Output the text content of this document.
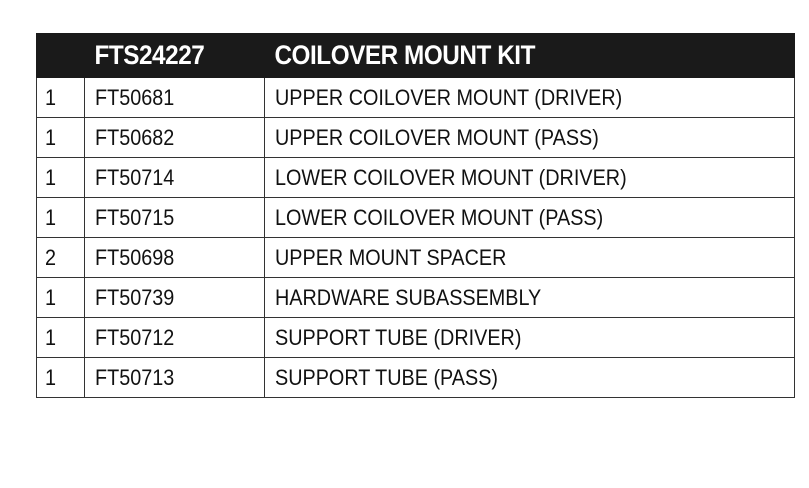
	FTS24227	COILOVER MOUNT KIT
1	FT50681	UPPER COILOVER MOUNT (DRIVER)
1	FT50682	UPPER COILOVER MOUNT (PASS)
1	FT50714	LOWER COILOVER MOUNT (DRIVER)
1	FT50715	LOWER COILOVER MOUNT (PASS)
2	FT50698	UPPER MOUNT SPACER
1	FT50739	HARDWARE SUBASSEMBLY
1	FT50712	SUPPORT TUBE (DRIVER)
1	FT50713	SUPPORT TUBE (PASS)
